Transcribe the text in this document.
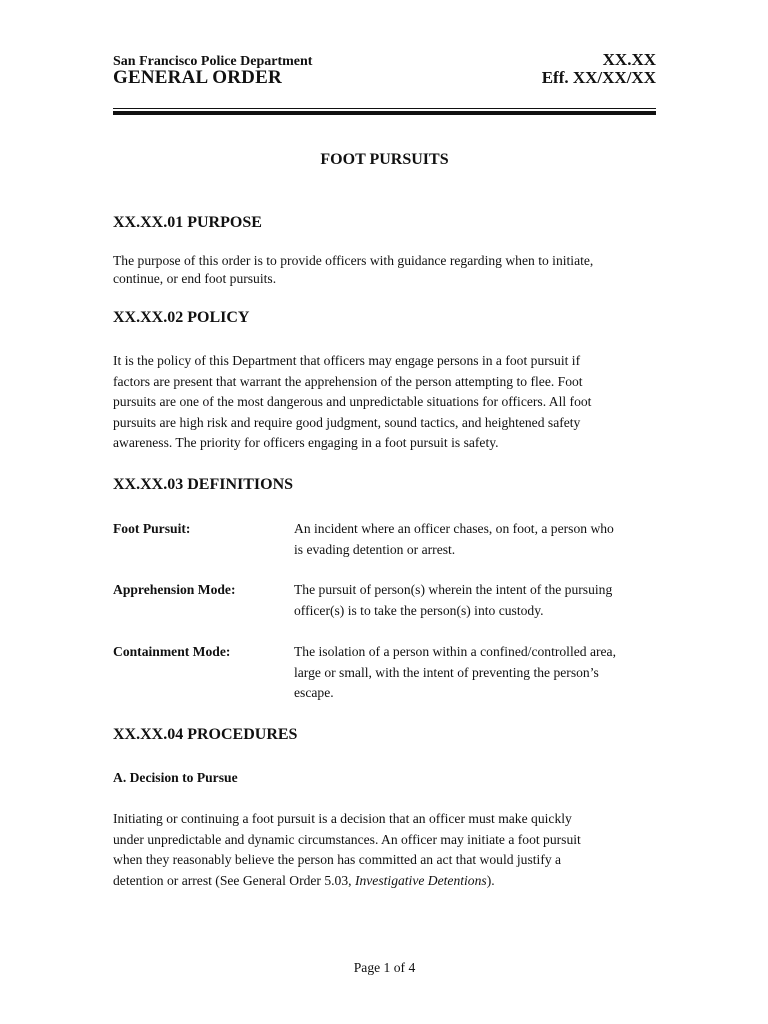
San Francisco Police Department	XX.XX
GENERAL ORDER	Eff. XX/XX/XX
FOOT PURSUITS
XX.XX.01 PURPOSE
The purpose of this order is to provide officers with guidance regarding when to initiate,
continue, or end foot pursuits.
XX.XX.02 POLICY
It is the policy of this Department that officers may engage persons in a foot pursuit if
factors are present that warrant the apprehension of the person attempting to flee. Foot
pursuits are one of the most dangerous and unpredictable situations for officers. All foot
pursuits are high risk and require good judgment, sound tactics, and heightened safety
awareness. The priority for officers engaging in a foot pursuit is safety.
XX.XX.03 DEFINITIONS
Foot Pursuit:	An incident where an officer chases, on foot, a person who
is evading detention or arrest.
Apprehension Mode:	The pursuit of person(s) wherein the intent of the pursuing
officer(s) is to take the person(s) into custody.
Containment Mode:	The isolation of a person within a confined/controlled area,
large or small, with the intent of preventing the person’s
escape.
XX.XX.04 PROCEDURES
A. Decision to Pursue
Initiating or continuing a foot pursuit is a decision that an officer must make quickly
under unpredictable and dynamic circumstances. An officer may initiate a foot pursuit
when they reasonably believe the person has committed an act that would justify a
detention or arrest (See General Order 5.03, Investigative Detentions).
Page 1 of 4
